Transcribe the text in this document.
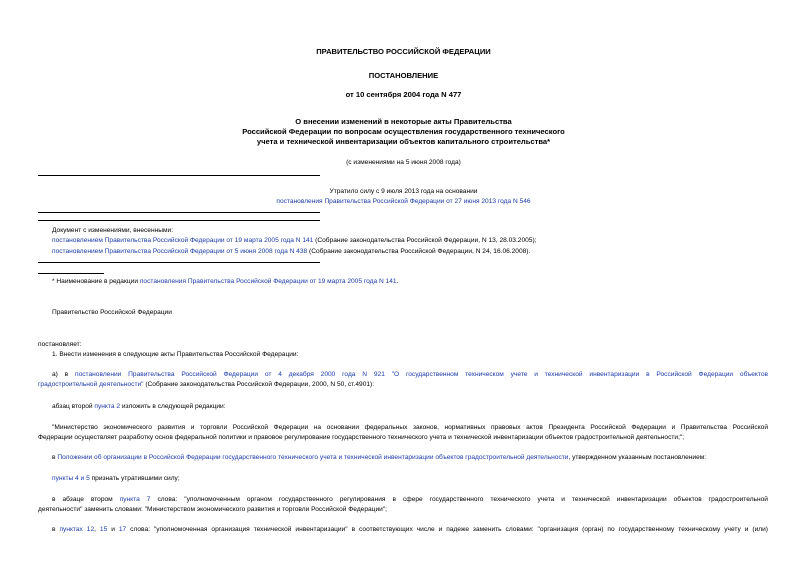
ПРАВИТЕЛЬСТВО РОССИЙСКОЙ ФЕДЕРАЦИИ
ПОСТАНОВЛЕНИЕ
от 10 сентября 2004 года N 477
О внесении изменений в некоторые акты Правительства
Российской Федерации по вопросам осуществления государственного технического
учета и технической инвентаризации объектов капитального строительства*
(с изменениями на 5 июня 2008 года)
Утратило силу с 9 июля 2013 года на основании
постановления Правительства Российской Федерации от 27 июня 2013 года N 546
Документ с изменениями, внесенными:
постановлением Правительства Российской Федерации от 19 марта 2005 года N 141 (Собрание законодательства Российской Федерации, N 13, 28.03.2005);
постановлением Правительства Российской Федерации от 5 июня 2008 года N 438 (Собрание законодательства Российской Федерации, N 24, 16.06.2008).
* Наименование в редакции постановления Правительства Российской Федерации от 19 марта 2005 года N 141.
Правительство Российской Федерации
постановляет:
1. Внести изменения в следующие акты Правительства Российской Федерации:
а) в постановлении Правительства Российской Федерации от 4 декабря 2000 года N 921 "О государственном техническом учете и технической инвентаризации в Российской Федерации объектов
градостроительной деятельности" (Собрание законодательства Российской Федерации, 2000, N 50, ст.4901):
абзац второй пункта 2 изложить в следующей редакции:
"Министерство экономического развития и торговли Российской Федерации на основании федеральных законов, нормативных правовых актов Президента Российской Федерации и Правительства Российской
Федерации осуществляет разработку основ федеральной политики и правовое регулирование государственного технического учета и технической инвентаризации объектов градостроительной деятельности;";
в Положении об организации в Российской Федерации государственного технического учета и технической инвентаризации объектов градостроительной деятельности, утвержденном указанным постановлением:
пункты 4 и 5 признать утратившими силу;
в абзаце втором пункта 7 слова: "уполномоченным органом государственного регулирования в сфере государственного технического учета и технической инвентаризации объектов градостроительной
деятельности" заменить словами: "Министерством экономического развития и торговли Российской Федерации";
в пунктах 12, 15 и 17 слова: "уполномоченная организация технической инвентаризации" в соответствующих числе и падеже заменить словами: "организация (орган) по государственному техническому учету и (или)
